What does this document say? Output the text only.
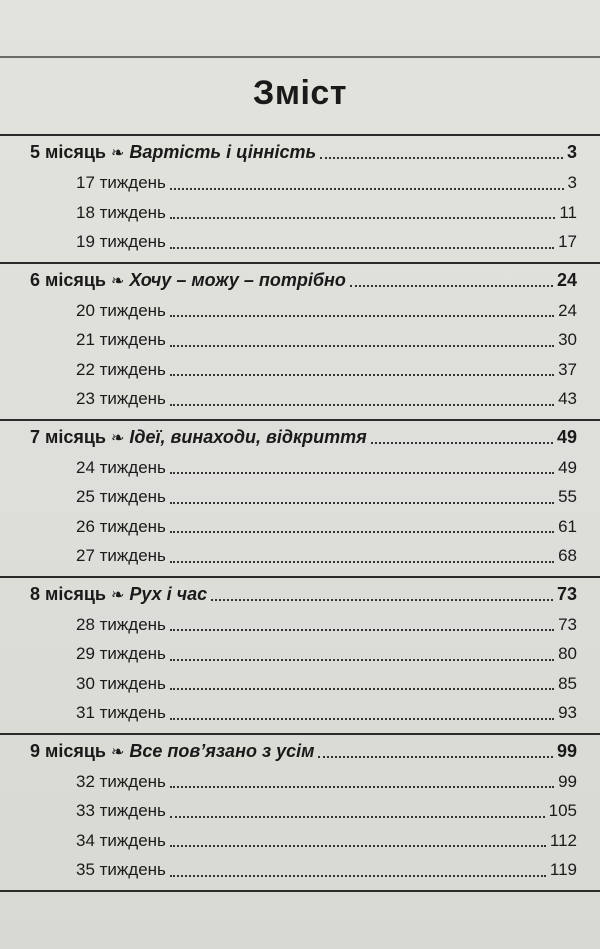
Зміст
5 місяць ❧ Вартість і цінність	3
17 тиждень	3
18 тиждень	11
19 тиждень	17
6 місяць ❧ Хочу – можу – потрібно	24
20 тиждень	24
21 тиждень	30
22 тиждень	37
23 тиждень	43
7 місяць ❧ Ідеї, винаходи, відкриття	49
24 тиждень	49
25 тиждень	55
26 тиждень	61
27 тиждень	68
8 місяць ❧ Рух і час	73
28 тиждень	73
29 тиждень	80
30 тиждень	85
31 тиждень	93
9 місяць ❧ Все пов’язано з усім	99
32 тиждень	99
33 тиждень	105
34 тиждень	112
35 тиждень	119
